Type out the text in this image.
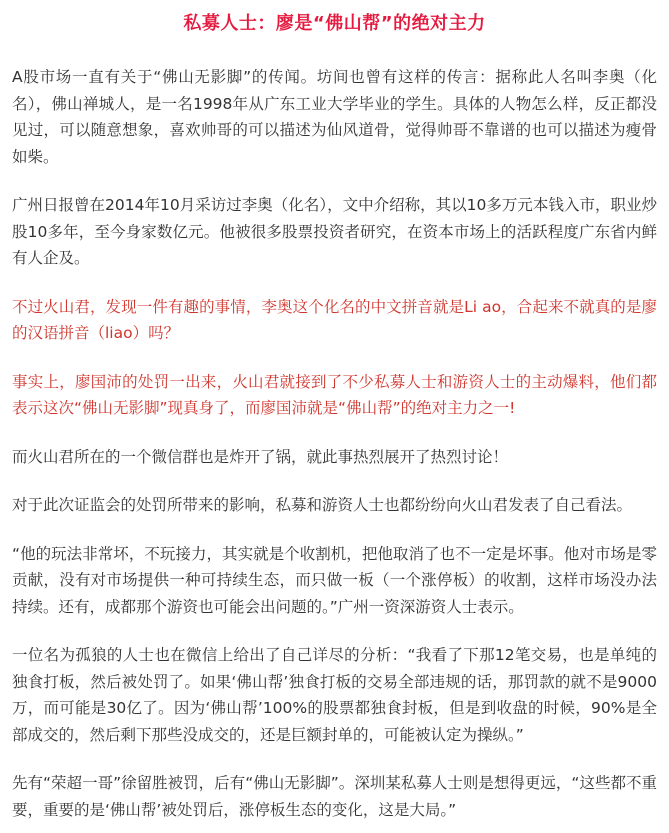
私募人士：廖是“佛山帮”的绝对主力

A股市场一直有关于“佛山无影脚”的传闻。坊间也曾有这样的传言：据称此人名叫李奥（化名），佛山禅城人，是一名1998年从广东工业大学毕业的学生。具体的人物怎么样，反正都没见过，可以随意想象，喜欢帅哥的可以描述为仙风道骨，觉得帅哥不靠谱的也可以描述为瘦骨如柴。

广州日报曾在2014年10月采访过李奥（化名），文中介绍称，其以10多万元本钱入市，职业炒股10多年，至今身家数亿元。他被很多股票投资者研究，在资本市场上的活跃程度广东省内鲜有人企及。

不过火山君，发现一件有趣的事情，李奥这个化名的中文拼音就是Li ao，合起来不就真的是廖的汉语拼音（liao）吗？

事实上，廖国沛的处罚一出来，火山君就接到了不少私募人士和游资人士的主动爆料，他们都表示这次“佛山无影脚”现真身了，而廖国沛就是“佛山帮”的绝对主力之一!

而火山君所在的一个微信群也是炸开了锅，就此事热烈展开了热烈讨论！

对于此次证监会的处罚所带来的影响，私募和游资人士也都纷纷向火山君发表了自己看法。

“他的玩法非常坏，不玩接力，其实就是个收割机，把他取消了也不一定是坏事。他对市场是零贡献，没有对市场提供一种可持续生态，而只做一板（一个涨停板）的收割，这样市场没办法持续。还有，成都那个游资也可能会出问题的。”广州一资深游资人士表示。

一位名为孤狼的人士也在微信上给出了自己详尽的分析：“我看了下那12笔交易，也是单纯的独食打板，然后被处罚了。如果‘佛山帮’独食打板的交易全部违规的话，那罚款的就不是9000万，而可能是30亿了。因为‘佛山帮’100%的股票都独食封板，但是到收盘的时候，90%是全部成交的，然后剩下那些没成交的，还是巨额封单的，可能被认定为操纵。”

先有“荣超一哥”徐留胜被罚，后有“佛山无影脚”。深圳某私募人士则是想得更远，“这些都不重要，重要的是‘佛山帮’被处罚后，涨停板生态的变化，这是大局。”
